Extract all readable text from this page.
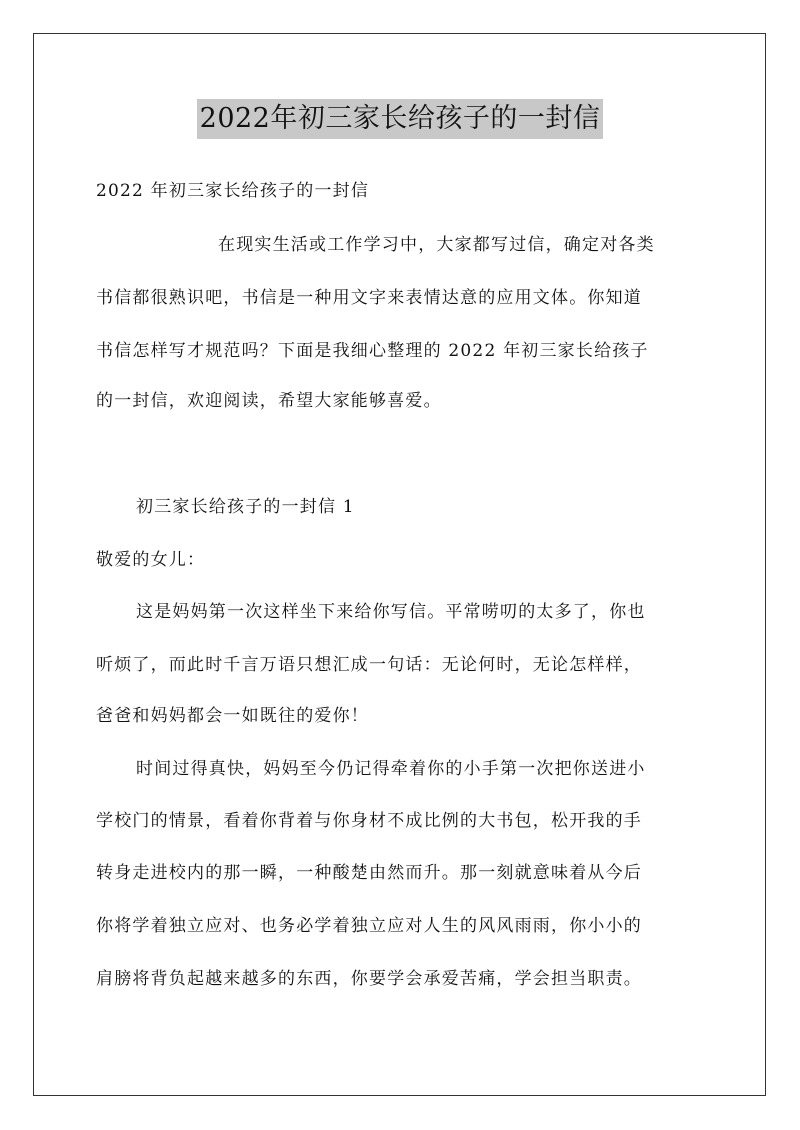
2022年初三家长给孩子的一封信
2022 年初三家长给孩子的一封信
在现实生活或工作学习中，大家都写过信，确定对各类
书信都很熟识吧，书信是一种用文字来表情达意的应用文体。你知道
书信怎样写才规范吗？下面是我细心整理的 2022 年初三家长给孩子
的一封信，欢迎阅读，希望大家能够喜爱。
初三家长给孩子的一封信 1
敬爱的女儿：
这是妈妈第一次这样坐下来给你写信。平常唠叨的太多了，你也
听烦了，而此时千言万语只想汇成一句话：无论何时，无论怎样样，
爸爸和妈妈都会一如既往的爱你！
时间过得真快，妈妈至今仍记得牵着你的小手第一次把你送进小
学校门的情景，看着你背着与你身材不成比例的大书包，松开我的手
转身走进校内的那一瞬，一种酸楚由然而升。那一刻就意味着从今后
你将学着独立应对、也务必学着独立应对人生的风风雨雨，你小小的
肩膀将背负起越来越多的东西，你要学会承爱苦痛，学会担当职责。
